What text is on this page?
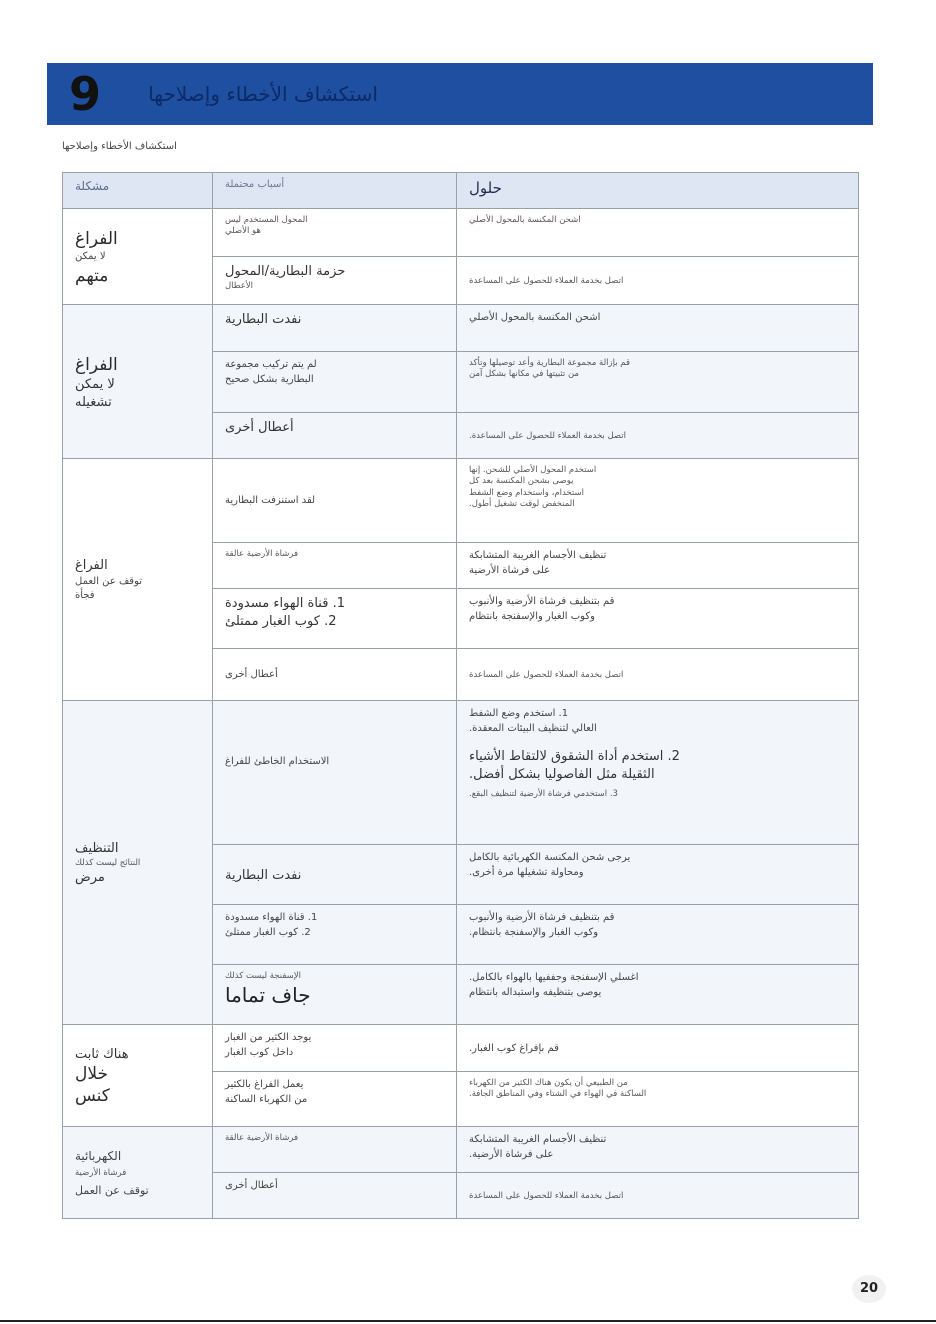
9	استكشاف الأخطاء وإصلاحها
استكشاف الأخطاء وإصلاحها
مشكلة	أسباب محتملة	حلول

الفراغ
لا يمكن
متهم	المحول المستخدم ليس
هو الأصلي	اشحن المكنسة بالمحول الأصلي

	حزمة البطارية/المحول
الأعطال	اتصل بخدمة العملاء للحصول على المساعدة

الفراغ
لا يمكن
تشغيله	نفدت البطارية	اشحن المكنسة بالمحول الأصلي

	لم يتم تركيب مجموعة
البطارية بشكل صحيح	قم بإزالة مجموعة البطارية وأعد توصيلها وتأكد
من تثبيتها في مكانها بشكل آمن

	أعطال أخرى	اتصل بخدمة العملاء للحصول على المساعدة.

الفراغ
توقف عن العمل
فجأة	لقد استنزفت البطارية	استخدم المحول الأصلي للشحن. إنها
يوصى بشحن المكنسة بعد كل
استخدام، واستخدام وضع الشفط
المنخفض لوقت تشغيل أطول.

	فرشاة الأرضية عالقة	تنظيف الأجسام الغريبة المتشابكة
على فرشاة الأرضية

	1. قناة الهواء مسدودة
2. كوب الغبار ممتلئ	قم بتنظيف فرشاة الأرضية والأنبوب
وكوب الغبار والإسفنجة بانتظام

	أعطال أخرى	اتصل بخدمة العملاء للحصول على المساعدة

التنظيف
النتائج ليست كذلك
مرض	الاستخدام الخاطئ للفراغ	1. استخدم وضع الشفط
العالي لتنظيف البيئات المعقدة.
2. استخدم أداة الشقوق لالتقاط الأشياء
الثقيلة مثل الفاصوليا بشكل أفضل.
3. استخدمي فرشاة الأرضية لتنظيف البقع.

	نفدت البطارية	يرجى شحن المكنسة الكهربائية بالكامل
ومحاولة تشغيلها مرة أخرى.

	1. قناة الهواء مسدودة
2. كوب الغبار ممتلئ	قم بتنظيف فرشاة الأرضية والأنبوب
وكوب الغبار والإسفنجة بانتظام.

	الإسفنجة ليست كذلك
جاف تماما	اغسلي الإسفنجة وجففيها بالهواء بالكامل.
يوصى بتنظيفه واستبداله بانتظام

هناك ثابت
خلال
كنس	يوجد الكثير من الغبار
داخل كوب الغبار	قم بإفراغ كوب الغبار.

	يعمل الفراغ بالكثير
من الكهرباء الساكنة	من الطبيعي أن يكون هناك الكثير من الكهرباء
الساكنة في الهواء في الشتاء وفي المناطق الجافة.

الكهربائية
فرشاة الأرضية
توقف عن العمل	فرشاة الأرضية عالقة	تنظيف الأجسام الغريبة المتشابكة
على فرشاة الأرضية.

	أعطال أخرى	اتصل بخدمة العملاء للحصول على المساعدة
20
